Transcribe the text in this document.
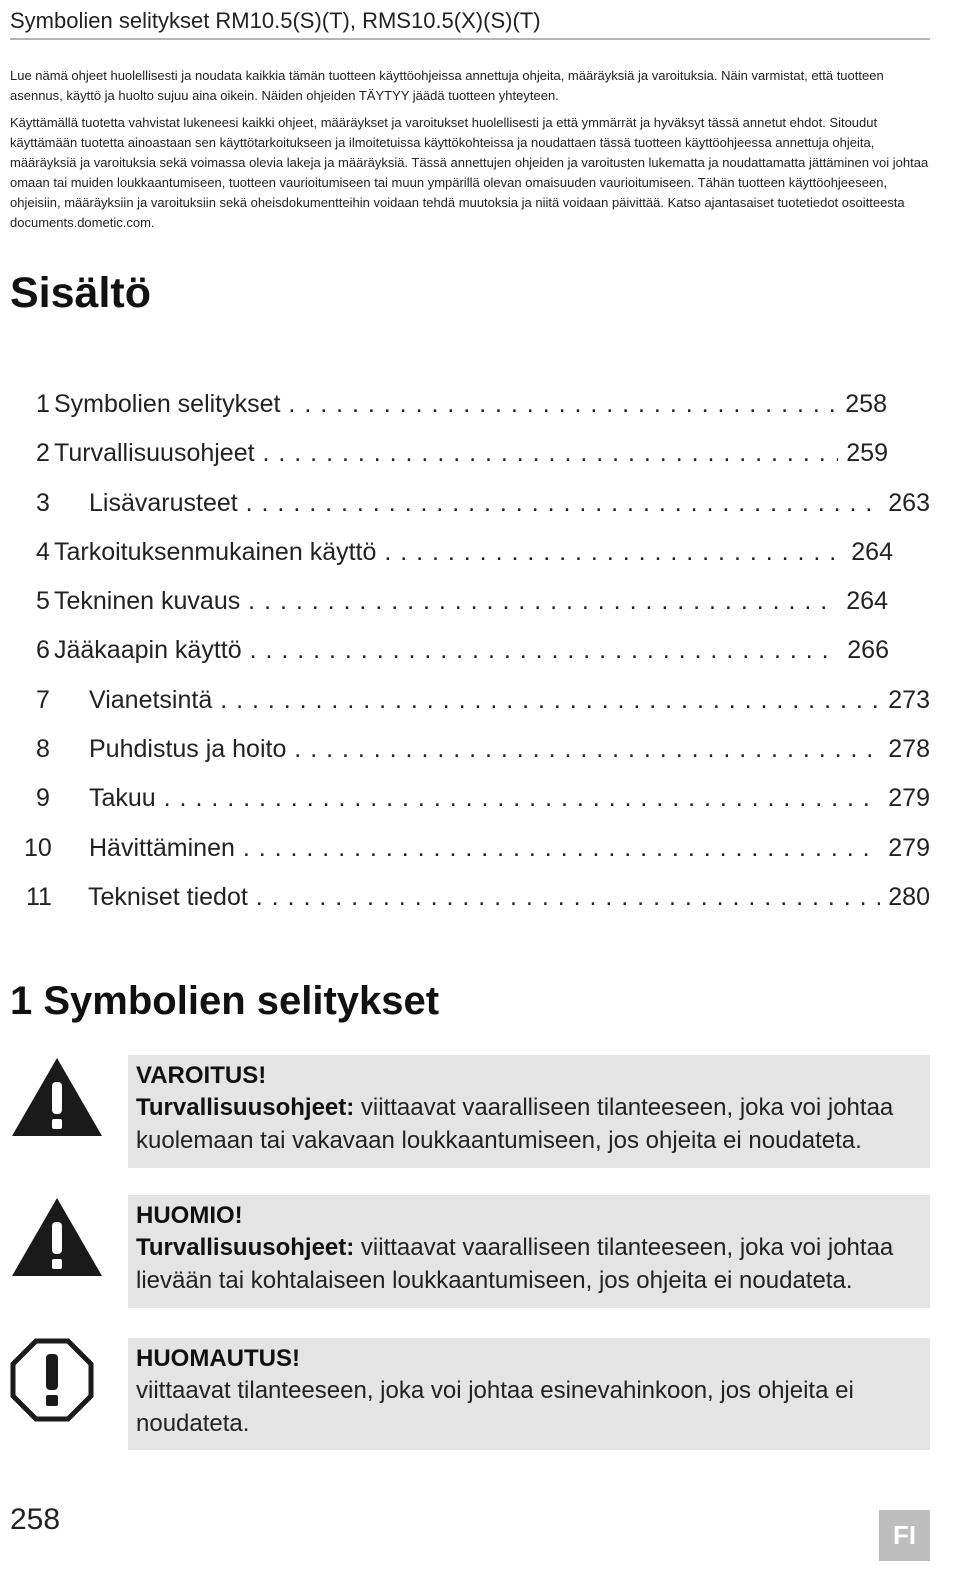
Symbolien selitykset RM10.5(S)(T), RMS10.5(X)(S)(T)

Lue nämä ohjeet huolellisesti ja noudata kaikkia tämän tuotteen käyttöohjeissa annettuja ohjeita, määräyksiä ja varoituksia. Näin varmistat, että tuotteen asennus, käyttö ja huolto sujuu aina oikein. Näiden ohjeiden TÄYTYY jäädä tuotteen yhteyteen.

Käyttämällä tuotetta vahvistat lukeneesi kaikki ohjeet, määräykset ja varoitukset huolellisesti ja että ymmärrät ja hyväksyt tässä annetut ehdot. Sitoudut käyttämään tuotetta ainoastaan sen käyttötarkoitukseen ja ilmoitetuissa käyttökohteissa ja noudattaen tässä tuotteen käyttöohjeessa annettuja ohjeita, määräyksiä ja varoituksia sekä voimassa olevia lakeja ja määräyksiä. Tässä annettujen ohjeiden ja varoitusten lukematta ja noudattamatta jättäminen voi johtaa omaan tai muiden loukkaantumiseen, tuotteen vaurioitumiseen tai muun ympärillä olevan omaisuuden vaurioitumiseen. Tähän tuotteen käyttöohjeeseen, ohjeisiin, määräyksiin ja varoituksiin sekä oheisdokumentteihin voidaan tehdä muutoksia ja niitä voidaan päivittää. Katso ajantasaiset tuotetiedot osoitteesta documents.dometic.com.

Sisältö
1 Symbolien selitykset . . .	258
2 Turvallisuusohjeet . . .	259
3 Lisävarusteet . . .	263
4 Tarkoituksenmukainen käyttö . . .	264
5 Tekninen kuvaus . . .	264
6 Jääkaapin käyttö . . .	266
7 Vianetsintä . . .	273
8 Puhdistus ja hoito . . .	278
9 Takuu . . .	279
10 Hävittäminen . . .	279
11 Tekniset tiedot . . .	280
1 Symbolien selitykset
VAROITUS!
Turvallisuusohjeet: viittaavat vaaralliseen tilanteeseen, joka voi johtaa kuolemaan tai vakavaan loukkaantumiseen, jos ohjeita ei noudateta.
HUOMIO!
Turvallisuusohjeet: viittaavat vaaralliseen tilanteeseen, joka voi johtaa lievään tai kohtalaiseen loukkaantumiseen, jos ohjeita ei noudateta.
HUOMAUTUS!
viittaavat tilanteeseen, joka voi johtaa esinevahinkoon, jos ohjeita ei noudateta.
258	FI
